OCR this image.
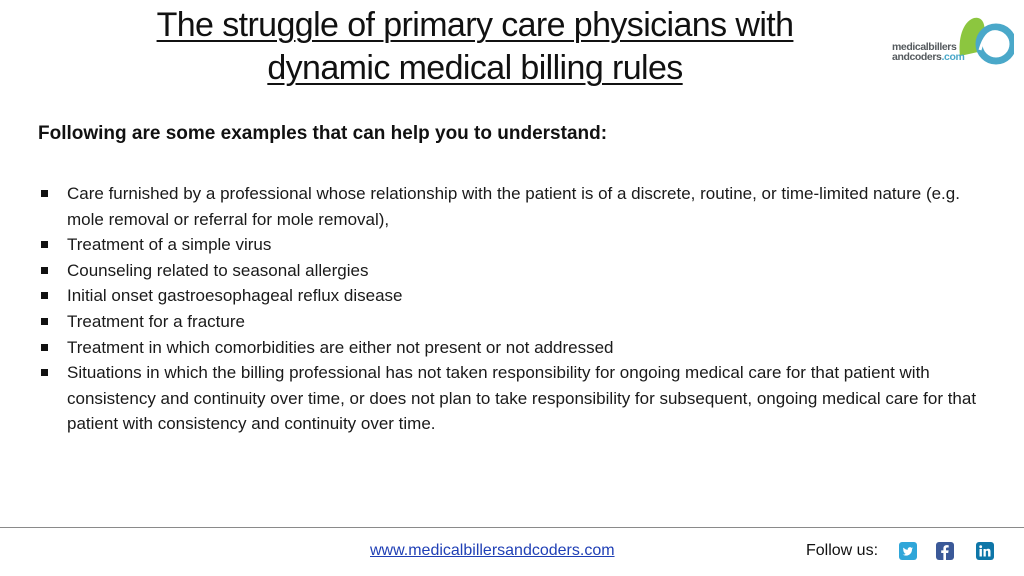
The struggle of primary care physicians with
dynamic medical billing rules
medicalbillers
andcoders.com

Following are some examples that can help you to understand:

Care furnished by a professional whose relationship with the patient is of a discrete, routine, or time-limited nature (e.g. mole removal or referral for mole removal),
Treatment of a simple virus
Counseling related to seasonal allergies
Initial onset gastroesophageal reflux disease
Treatment for a fracture
Treatment in which comorbidities are either not present or not addressed
Situations in which the billing professional has not taken responsibility for ongoing medical care for that patient with consistency and continuity over time, or does not plan to take responsibility for subsequent, ongoing medical care for that patient with consistency and continuity over time.
www.medicalbillersandcoders.com	Follow us:
